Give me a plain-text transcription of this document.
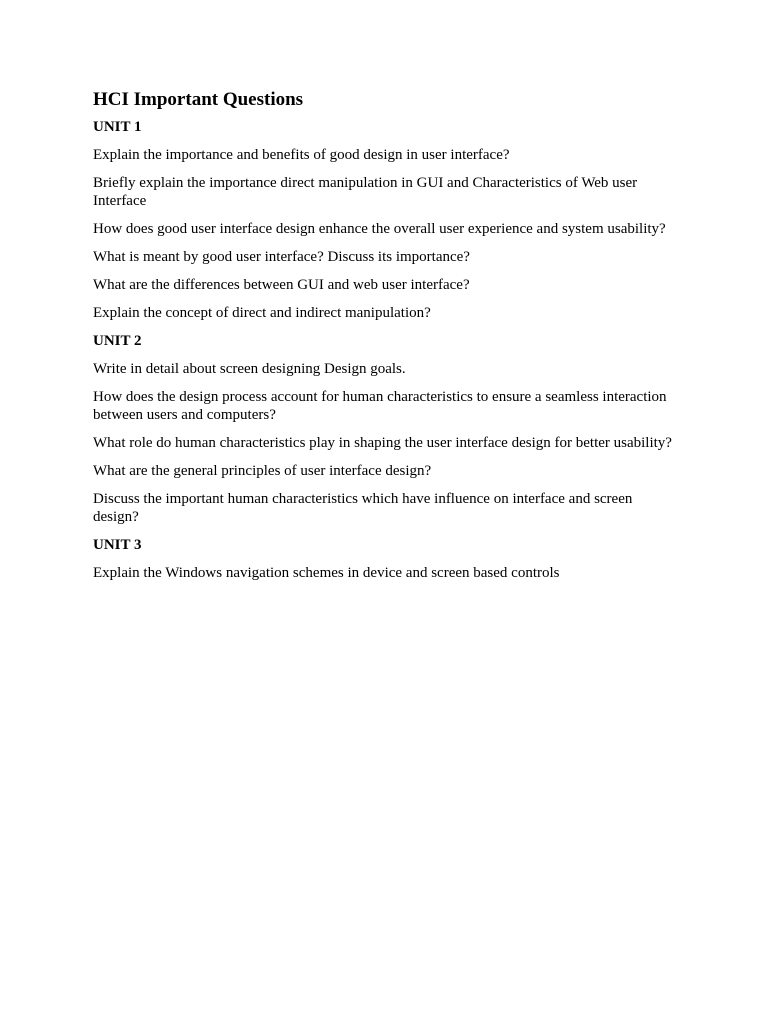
HCI Important Questions
UNIT 1

Explain the importance and benefits of good design in user interface?

Briefly explain the importance direct manipulation in GUI and Characteristics of Web user Interface

How does good user interface design enhance the overall user experience and system usability?

What is meant by good user interface? Discuss its importance?

What are the differences between GUI and web user interface?

Explain the concept of direct and indirect manipulation?

UNIT 2

Write in detail about screen designing Design goals.

How does the design process account for human characteristics to ensure a seamless interaction between users and computers?

What role do human characteristics play in shaping the user interface design for better usability?

What are the general principles of user interface design?

Discuss the important human characteristics which have influence on interface and screen design?

UNIT 3

Explain the Windows navigation schemes in device and screen based controls
